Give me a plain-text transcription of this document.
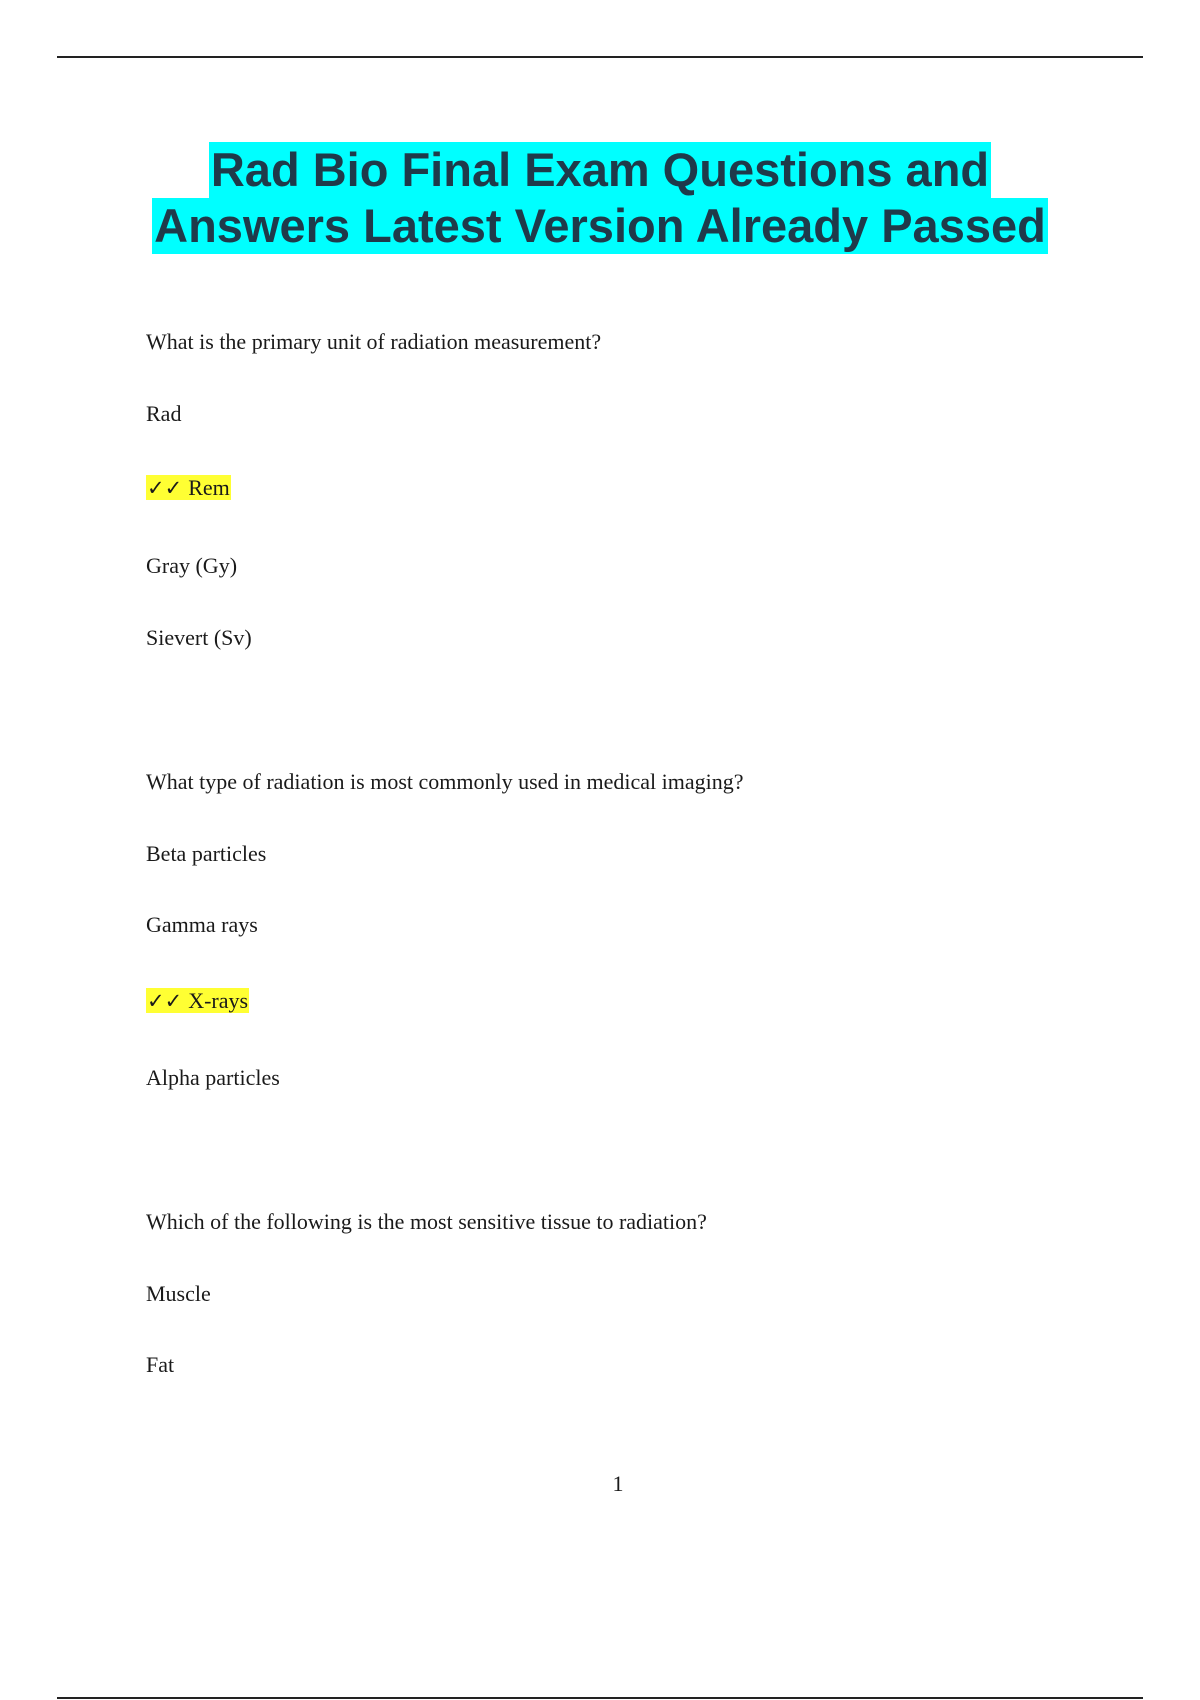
Rad Bio Final Exam Questions and
Answers Latest Version Already Passed
What is the primary unit of radiation measurement?
Rad
✓✓ Rem
Gray (Gy)
Sievert (Sv)
What type of radiation is most commonly used in medical imaging?
Beta particles
Gamma rays
✓✓ X-rays
Alpha particles
Which of the following is the most sensitive tissue to radiation?
Muscle
Fat
1
